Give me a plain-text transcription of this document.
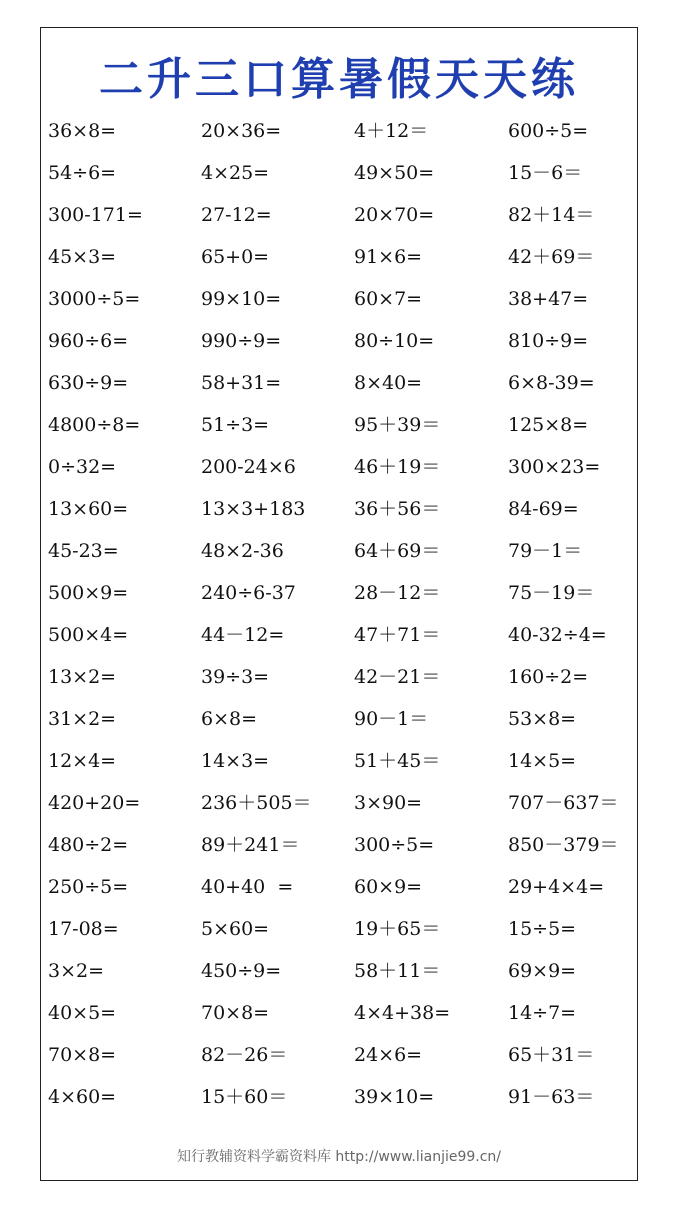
二升三口算暑假天天练
36×8=	20×36=	4＋12＝	600÷5=
54÷6=	4×25=	49×50=	15－6＝
300-171=	27-12=	20×70=	82＋14＝
45×3=	65+0=	91×6=	42＋69＝
3000÷5=	99×10=	60×7=	38+47=
960÷6=	990÷9=	80÷10=	810÷9=
630÷9=	58+31=	8×40=	6×8-39=
4800÷8=	51÷3=	95＋39＝	125×8=
0÷32=	200-24×6	46＋19＝	300×23=
13×60=	13×3+183	36＋56＝	84-69=
45-23=	48×2-36	64＋69＝	79－1＝
500×9=	240÷6-37	28－12＝	75－19＝
500×4=	44－12=	47＋71＝	40-32÷4=
13×2=	39÷3=	42－21＝	160÷2=
31×2=	6×8=	90－1＝	53×8=
12×4=	14×3=	51＋45＝	14×5=
420+20=	236＋505＝ 3×90=	707－637＝
480÷2=	89＋241＝	300÷5=	850－379＝
250÷5=	40+40  =	60×9=	29+4×4=
17-08=	5×60=	19＋65＝	15÷5=
3×2=	450÷9=	58＋11＝	69×9=
40×5=	70×8=	4×4+38=	14÷7=
70×8=	82－26＝	24×6=	65＋31＝
4×60=	15＋60＝	39×10=	91－63＝
知行教辅资料学霸资料库 http://www.lianjie99.cn/
